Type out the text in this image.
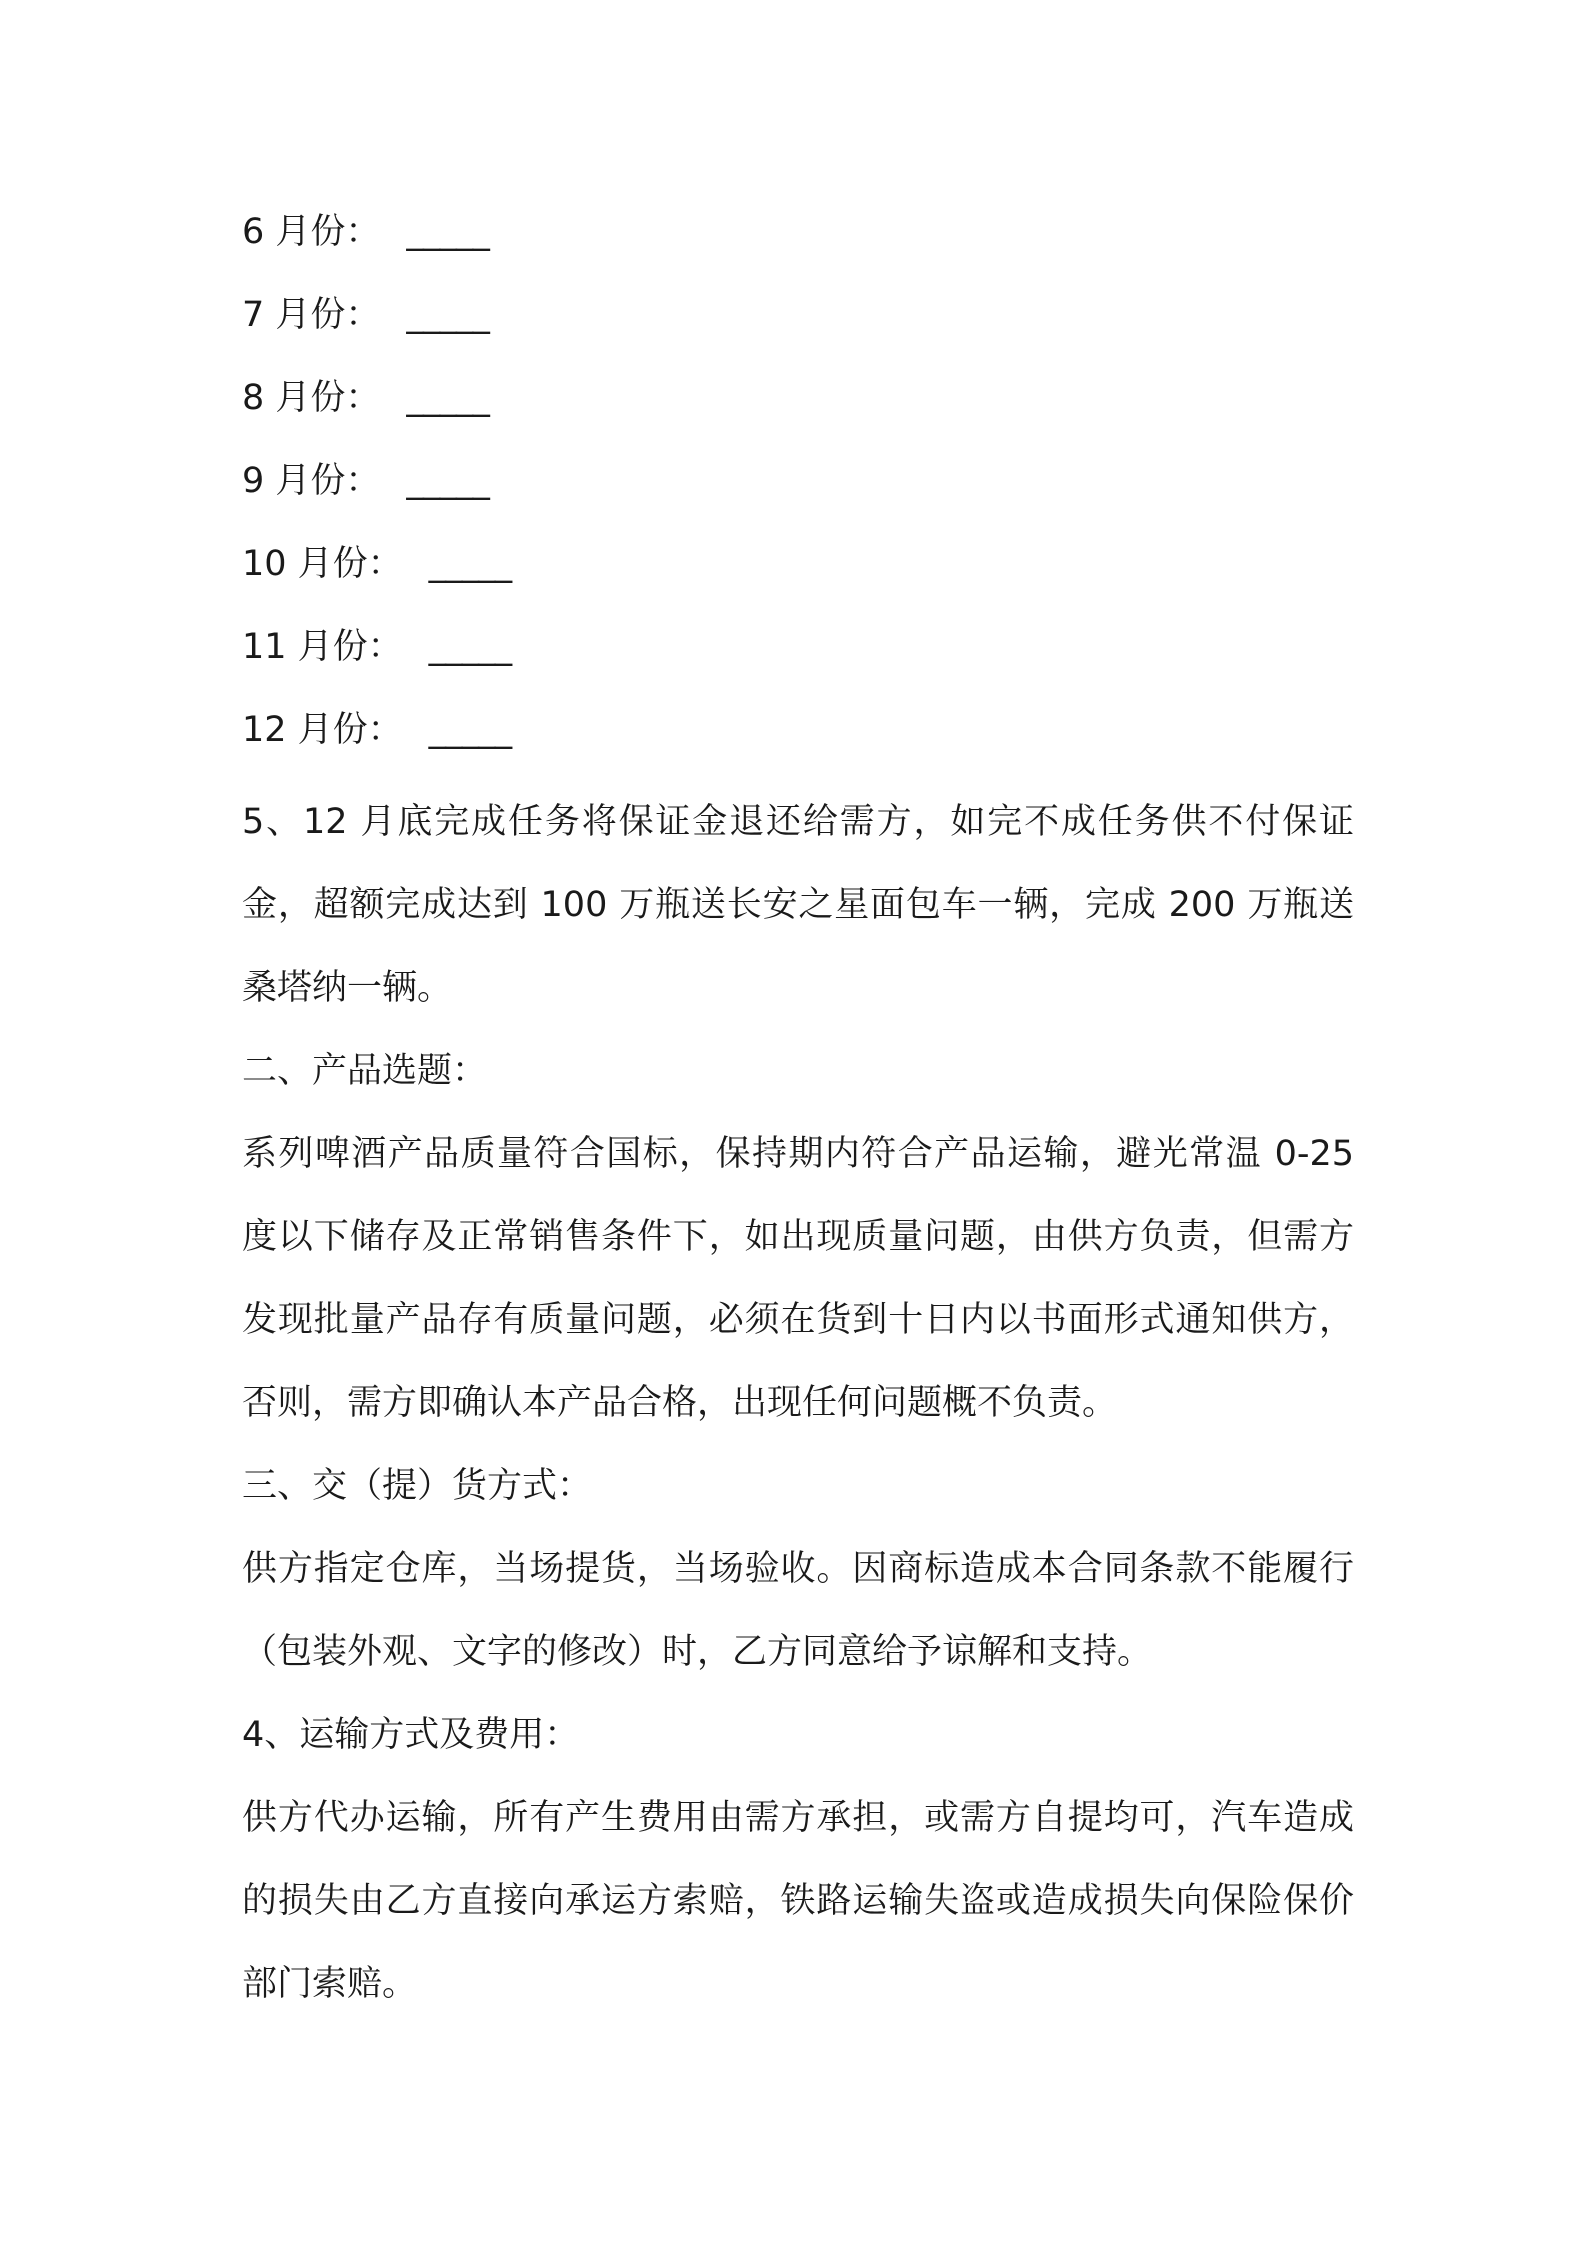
6 月份： _____
7 月份： _____
8 月份： _____
9 月份： _____
10 月份： _____
11 月份： _____
12 月份： _____

5、12 月底完成任务将保证金退还给需方，如完不成任务供不付保证金，超额完成达到 100 万瓶送长安之星面包车一辆，完成 200 万瓶送桑塔纳一辆。

二、产品选题：

系列啤酒产品质量符合国标，保持期内符合产品运输，避光常温 0-25 度以下储存及正常销售条件下，如出现质量问题，由供方负责，但需方发现批量产品存有质量问题，必须在货到十日内以书面形式通知供方，否则，需方即确认本产品合格，出现任何问题概不负责。

三、交（提）货方式：

供方指定仓库，当场提货，当场验收。因商标造成本合同条款不能履行（包装外观、文字的修改）时，乙方同意给予谅解和支持。

4、运输方式及费用：

供方代办运输，所有产生费用由需方承担，或需方自提均可，汽车造成的损失由乙方直接向承运方索赔，铁路运输失盗或造成损失向保险保价部门索赔。
